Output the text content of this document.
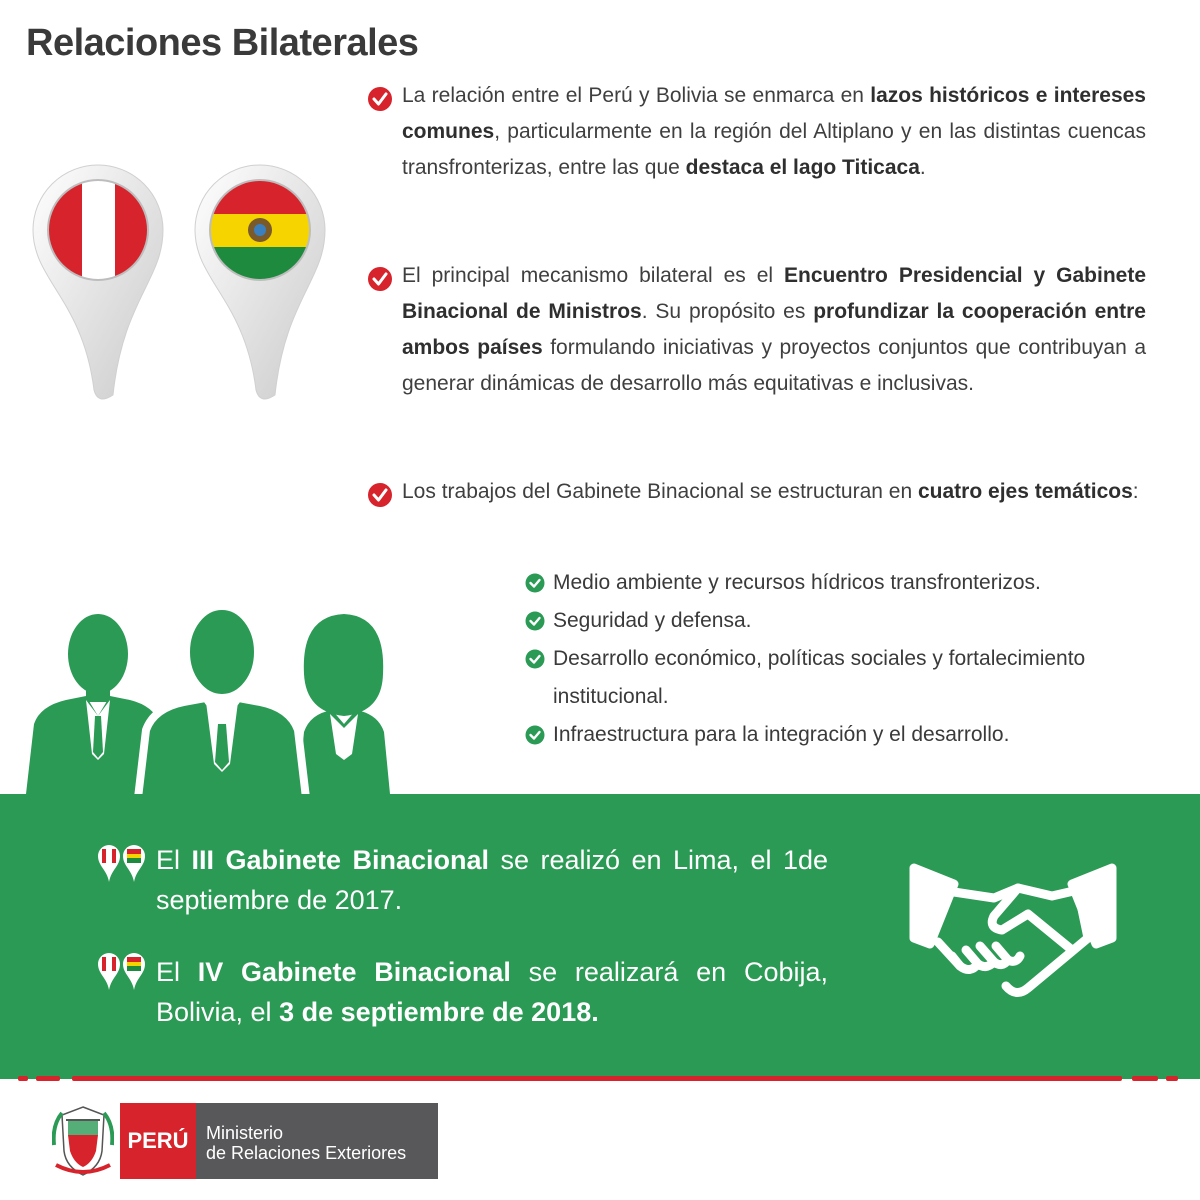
Relaciones Bilaterales

La relación entre el Perú y Bolivia se enmarca en lazos históricos e intereses comunes, particularmente en la región del Altiplano y en las distintas cuencas transfronterizas, entre las que destaca el lago Titicaca.

El principal mecanismo bilateral es el Encuentro Presidencial y Gabinete Binacional de Ministros. Su propósito es profundizar la cooperación entre ambos países formulando iniciativas y proyectos conjuntos que contribuyan a generar dinámicas de desarrollo más equitativas e inclusivas.

Los trabajos del Gabinete Binacional se estructuran en cuatro ejes temáticos:

Medio ambiente y recursos hídricos transfronterizos.
Seguridad y defensa.
Desarrollo económico, políticas sociales y fortalecimiento institucional.
Infraestructura para la integración y el desarrollo.

El III Gabinete Binacional se realizó en Lima, el 1de septiembre de 2017.

El IV Gabinete Binacional se realizará en Cobija, Bolivia, el 3 de septiembre de 2018.

PERÚ Ministerio
de Relaciones Exteriores
